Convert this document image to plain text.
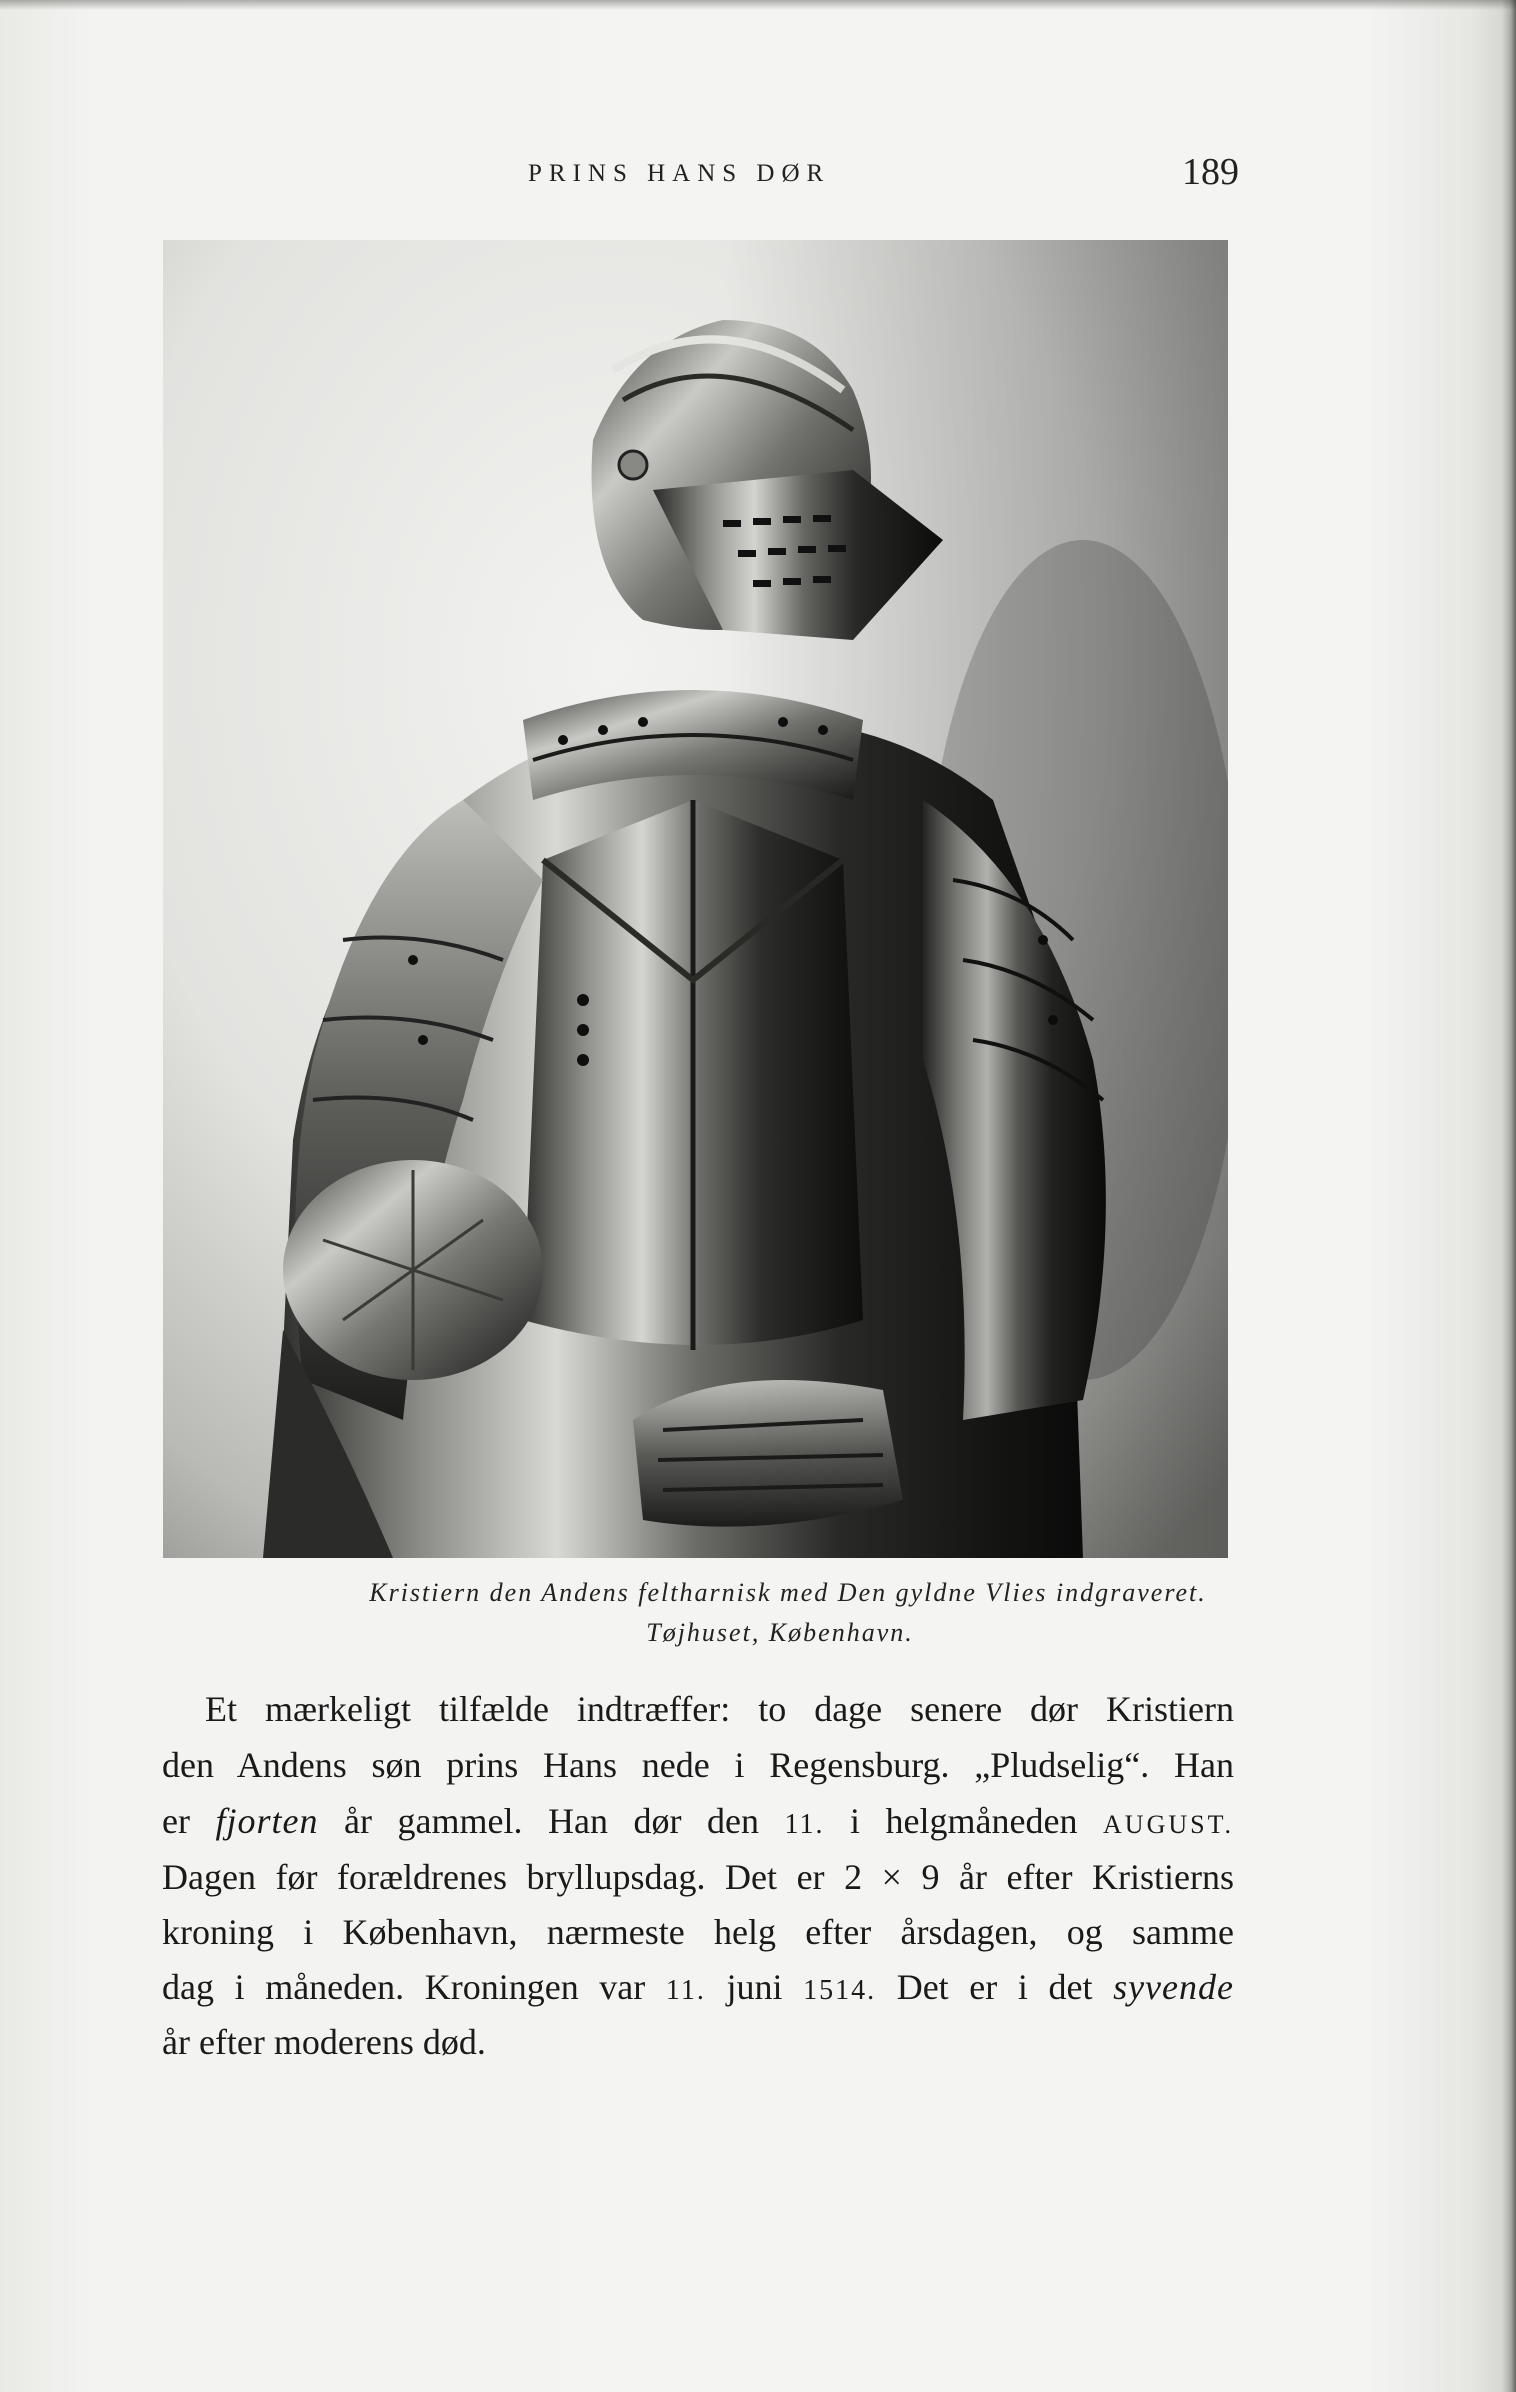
PRINS HANS DØR	189
Kristiern den Andens feltharnisk med Den gyldne Vlies indgraveret.
Tøjhuset, København.
Et mærkeligt tilfælde indtræffer: to dage senere dør Kristiern
den Andens søn prins Hans nede i Regensburg. „Pludselig“. Han
er fjorten år gammel. Han dør den 11. i helgmåneden AUGUST.
Dagen før forældrenes bryllupsdag. Det er 2 × 9 år efter Kristierns
kroning i København, nærmeste helg efter årsdagen, og samme
dag i måneden. Kroningen var 11. juni 1514. Det er i det syvende
år efter moderens død.
